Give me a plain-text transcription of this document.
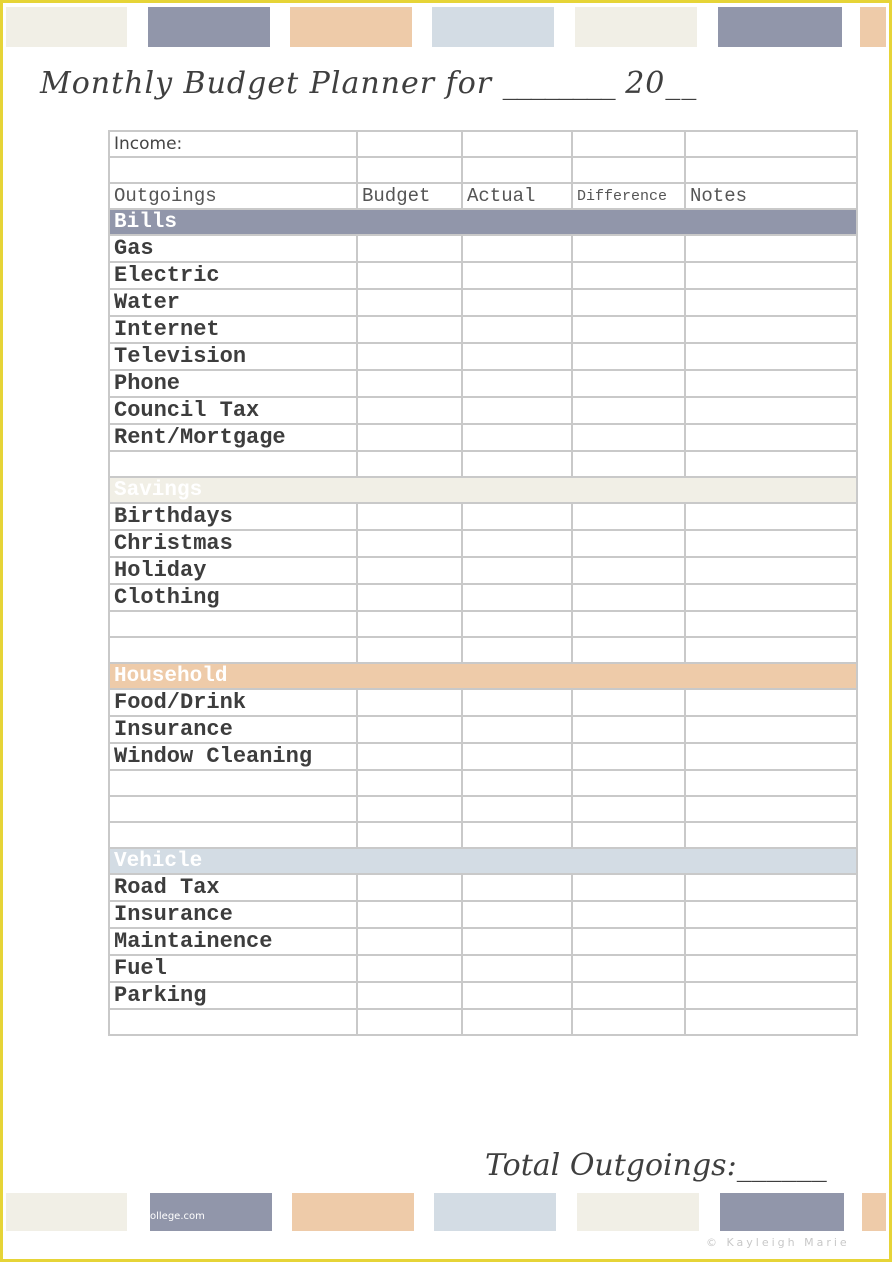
Monthly Budget Planner for ________ 20__
Income:				

Outgoings	Budget	Actual	Difference	Notes
Bills				
Gas				
Electric				
Water				
Internet				
Television				
Phone				
Council Tax				
Rent/Mortgage				

Savings				
Birthdays				
Christmas				
Holiday				
Clothing				

Household				
Food/Drink				
Insurance				
Window Cleaning				

Vehicle				
Road Tax				
Insurance				
Maintainence				
Fuel				
Parking				

Total Outgoings:______
ollege.com
© Kayleigh Marie
